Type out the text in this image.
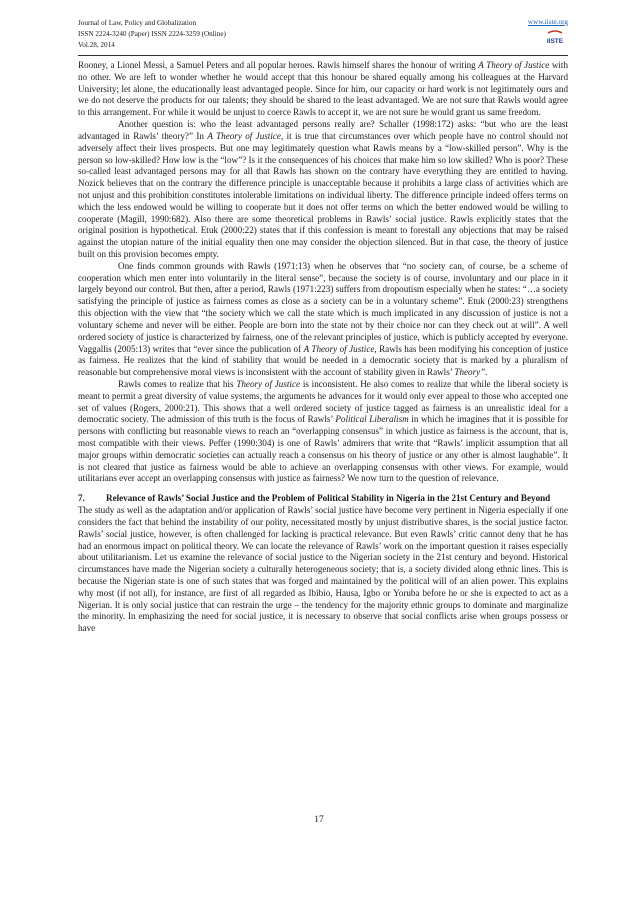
Journal of Law, Policy and Globalization
ISSN 2224-3240 (Paper) ISSN 2224-3259 (Online)
Vol.28, 2014
www.iiste.org
IISTE

Rooney, a Lionel Messi, a Samuel Peters and all popular heroes. Rawls himself shares the honour of writing A Theory of Justice with no other. We are left to wonder whether he would accept that this honour be shared equally among his colleagues at the Harvard University; let alone, the educationally least advantaged people. Since for him, our capacity or hard work is not legitimately ours and we do not deserve the products for our talents; they should be shared to the least advantaged. We are not sure that Rawls would agree to this arrangement. For while it would be unjust to coerce Rawls to accept it, we are not sure he would grant us same freedom.

Another question is: who the least advantaged persons really are? Schaller (1998:172) asks: “but who are the least advantaged in Rawls’ theory?” In A Theory of Justice, it is true that circumstances over which people have no control should not adversely affect their lives prospects. But one may legitimately question what Rawls means by a “low-skilled person”. Why is the person so low-skilled? How low is the “low”? Is it the consequences of his choices that make him so low skilled? Who is poor? These so-called least advantaged persons may for all that Rawls has shown on the contrary have everything they are entitled to having. Nozick believes that on the contrary the difference principle is unacceptable because it prohibits a large class of activities which are not unjust and this prohibition constitutes intolerable limitations on individual liberty. The difference principle indeed offers terms on which the less endowed would be willing to cooperate but it does not offer terms on which the better endowed would be willing to cooperate (Magill, 1990:682). Also there are some theoretical problems in Rawls’ social justice. Rawls explicitly states that the original position is hypothetical. Etuk (2000:22) states that if this confession is meant to forestall any objections that may be raised against the utopian nature of the initial equality then one may consider the objection silenced. But in that case, the theory of justice built on this provision becomes empty.

One finds common grounds with Rawls (1971:13) when he observes that “no society can, of course, be a scheme of cooperation which men enter into voluntarily in the literal sense”, because the society is of course, involuntary and our place in it largely beyond our control. But then, after a period, Rawls (1971:223) suffers from dropoutism especially when he states: “…a society satisfying the principle of justice as fairness comes as close as a society can be in a voluntary scheme”. Etuk (2000:23) strengthens this objection with the view that “the society which we call the state which is much implicated in any discussion of justice is not a voluntary scheme and never will be either. People are born into the state not by their choice nor can they check out at will”. A well ordered society of justice is characterized by fairness, one of the relevant principles of justice, which is publicly accepted by everyone. Vaggallis (2005:13) writes that “ever since the publication of A Theory of Justice, Rawls has been modifying his conception of justice as fairness. He realizes that the kind of stability that would be needed in a democratic society that is marked by a pluralism of reasonable but comprehensive moral views is inconsistent with the account of stability given in Rawls’ Theory”.

Rawls comes to realize that his Theory of Justice is inconsistent. He also comes to realize that while the liberal society is meant to permit a great diversity of value systems, the arguments he advances for it would only ever appeal to those who accepted one set of values (Rogers, 2000:21). This shows that a well ordered society of justice tagged as fairness is an unrealistic ideal for a democratic society. The admission of this truth is the focus of Rawls’ Political Liberalism in which he imagines that it is possible for persons with conflicting but reasonable views to reach an “overlapping consensus” in which justice as fairness is the account, that is, most compatible with their views. Peffer (1990:304) is one of Rawls’ admirers that write that “Rawls’ implicit assumption that all major groups within democratic societies can actually reach a consensus on his theory of justice or any other is almost laughable”. It is not cleared that justice as fairness would be able to achieve an overlapping consensus with other views. For example, would utilitarians ever accept an overlapping consensus with justice as fairness? We now turn to the question of relevance.

7.	Relevance of Rawls’ Social Justice and the Problem of Political Stability in Nigeria in the 21st Century and Beyond

The study as well as the adaptation and/or application of Rawls’ social justice have become very pertinent in Nigeria especially if one considers the fact that behind the instability of our polity, necessitated mostly by unjust distributive shares, is the social justice factor. Rawls’ social justice, however, is often challenged for lacking is practical relevance. But even Rawls’ critic cannot deny that he has had an enormous impact on political theory. We can locate the relevance of Rawls’ work on the important question it raises especially about utilitarianism. Let us examine the relevance of social justice to the Nigerian society in the 21st century and beyond. Historical circumstances have made the Nigerian society a culturally heterogeneous society; that is, a society divided along ethnic lines. This is because the Nigerian state is one of such states that was forged and maintained by the political will of an alien power. This explains why most (if not all), for instance, are first of all regarded as Ibibio, Hausa, Igbo or Yoruba before he or she is expected to act as a Nigerian. It is only social justice that can restrain the urge – the tendency for the majority ethnic groups to dominate and marginalize the minority. In emphasizing the need for social justice, it is necessary to observe that social conflicts arise when groups possess or have

17
